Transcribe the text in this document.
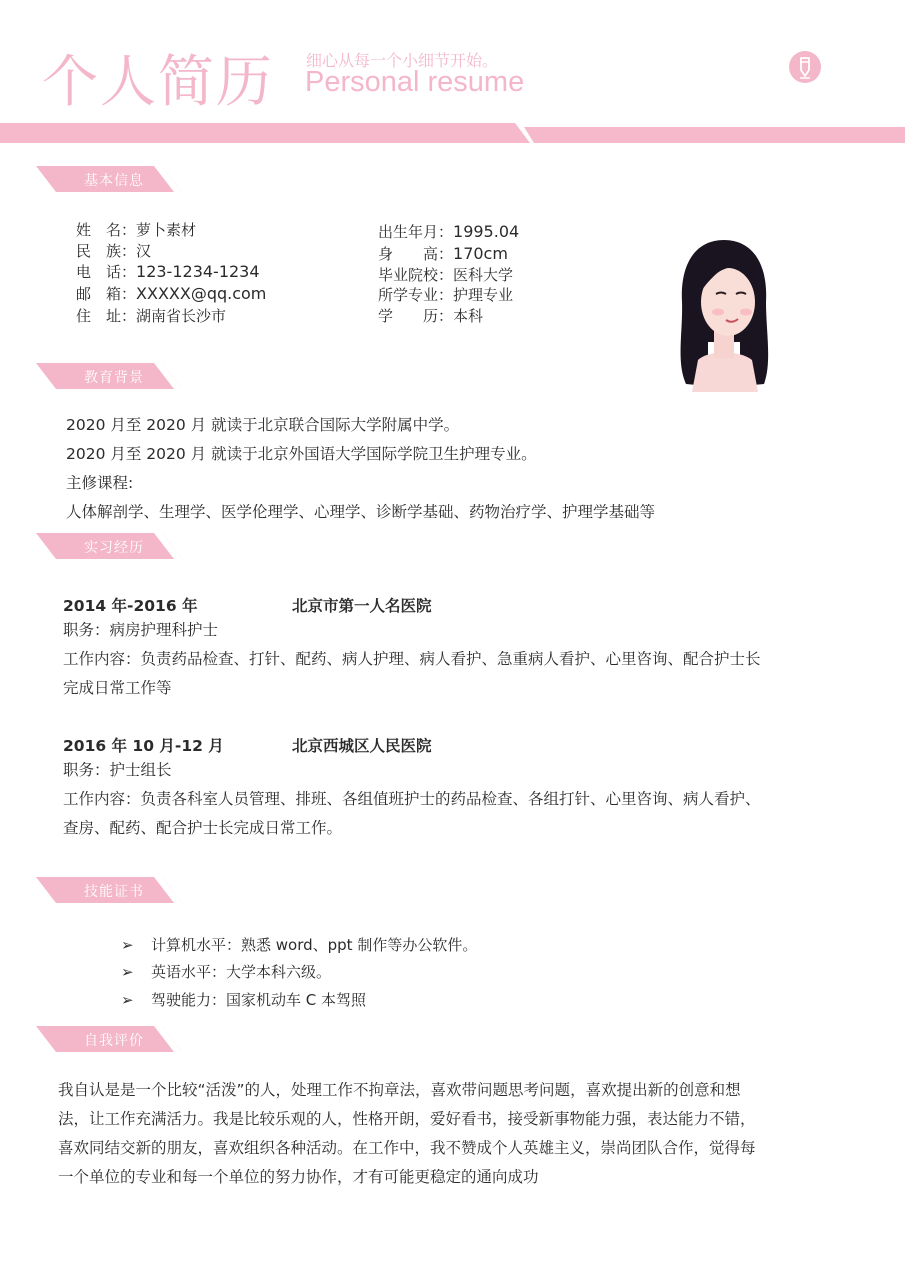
个人简历 细心从每一个小细节开始。
Personal resume
基本信息
姓　名：萝卜素材
民　族：汉
电　话：123-1234-1234
邮　箱：XXXXX@qq.com
住　址：湖南省长沙市
出生年月：1995.04
身　　高：170cm
毕业院校：医科大学
所学专业：护理专业
学　　历：本科
教育背景
2020 月至 2020 月 就读于北京联合国际大学附属中学。
2020 月至 2020 月 就读于北京外国语大学国际学院卫生护理专业。
主修课程:
人体解剖学、生理学、医学伦理学、心理学、诊断学基础、药物治疗学、护理学基础等
实习经历
2014 年-2016 年	北京市第一人名医院
职务：病房护理科护士
工作内容：负责药品检查、打针、配药、病人护理、病人看护、急重病人看护、心里咨询、配合护士长
完成日常工作等
2016 年 10 月-12 月	北京西城区人民医院
职务：护士组长
工作内容：负责各科室人员管理、排班、各组值班护士的药品检查、各组打针、心里咨询、病人看护、
查房、配药、配合护士长完成日常工作。
技能证书
➢ 计算机水平：熟悉 word、ppt 制作等办公软件。
➢ 英语水平：大学本科六级。
➢ 驾驶能力：国家机动车 C 本驾照
自我评价
我自认是是一个比较“活泼”的人，处理工作不拘章法，喜欢带问题思考问题，喜欢提出新的创意和想
法，让工作充满活力。我是比较乐观的人，性格开朗，爱好看书，接受新事物能力强，表达能力不错，
喜欢同结交新的朋友，喜欢组织各种活动。在工作中，我不赞成个人英雄主义，崇尚团队合作，觉得每
一个单位的专业和每一个单位的努力协作，才有可能更稳定的通向成功
